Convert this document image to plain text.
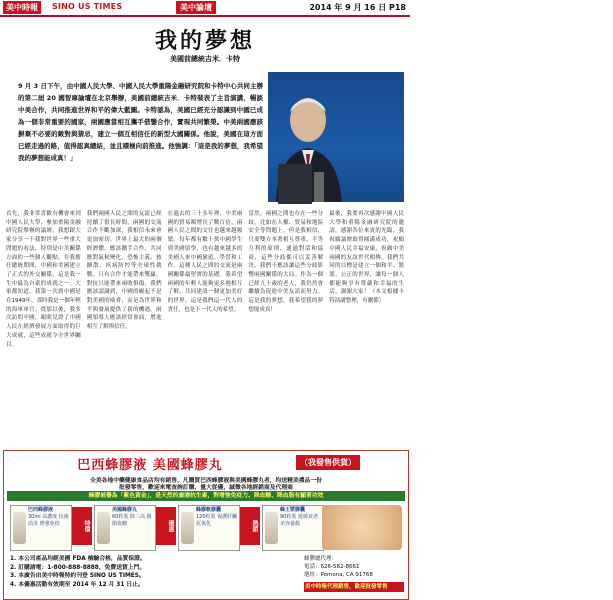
美中時報	SINO US TIMES	美中論壇	2014 年 9 月 16 日 P18
我的夢想
美國前總統吉米．卡特
9 月 3 日下午，由中國人民大學、中國人民大學重陽金融研究院和卡特中心共同主辦的第二屆 20 國智庫論壇在北京舉辦，美國前總統吉米．卡特發表了主旨演講，暢談中美合作，共同推進世界和平的偉大藍圖。卡特認為，美國已經充分認識到中國已成為一個非常重要的國家，兩國應當相互攜手借鑒合作，實現共同繁榮。中美兩國應該摒棄不必要的敵對與猜忌，建立一個互相信任的新型大國關係。他說，美國在這方面已經走過的路，值得認真總結，並且積極向前推進。他強調：「這是我的夢想，我希望我的夢想能成真！」	主办单位：
承办单位：
首席合作媒
首先，我非常喜歡有機會來到中國人民大學，參加重陽金融研究院舉辦的論壇。我想跟大家分享一下我對世界一些重大問題的看法，特別是中美關係方面的一些個人觀點。在我擔任總統期間，中國和美國建立了正式的外交關係，這是我一生中最為自豪的成就之一。大家都知道，我第一次到中國是在1949年，那時我是一個年輕的海軍軍官。從那以後，我多次訪問中國，親眼見證了中國人民在經濟發展方面取得的巨大成就，這些成就令全世界矚目。
我們兩國人民之間的友誼已經持續了很長時間，兩國的交流合作不斷加深，我相信未來會更加密切。世界上最大的兩個經濟體，應該攜手合作，共同應對氣候變化、恐怖主義、核擴散、疾病防控等全球性挑戰。只有合作才能帶來雙贏，對抗只能帶來兩敗俱傷。我們應該認識到，中國的崛起不是對美國的威脅，而是為世界和平與發展提供了新的機遇。兩國領導人應該經常會面，增進相互了解與信任。
在過去的三十多年裡，中美兩國的貿易額增長了數百倍，兩國人民之間的交往也越來越頻繁。每年都有數十萬中國學生到美國留學，也有越來越多的美國人來中國旅遊、學習和工作。這種人民之間的交流是兩國關係最堅實的基礎。我希望兩國的年輕人能夠更多地相互了解，共同建設一個更加美好的世界。這是我們這一代人的責任，也是下一代人的希望。
當然，兩國之間也存在一些分歧，比如在人權、貿易和地區安全等問題上。但是我相信，只要雙方本著相互尊重、平等互利的原則，通過對話和協商，這些分歧都可以妥善解決。我們不應該讓這些分歧影響兩國關係的大局。作為一個已經九十歲的老人，我仍然會繼續為促進中美友誼而努力。這是我的夢想，我希望我的夢想能成真！
最後，我要再次感謝中國人民大學和重陽金融研究院的邀請，感謝各位來賓的光臨。我祝願論壇取得圓滿成功，祝願中國人民幸福安康，祝願中美兩國的友誼世代相傳。我們共同的目標是建立一個和平、繁榮、公正的世界，讓每一個人都能夠享有尊嚴和幸福的生活。謝謝大家！（本文根據卡特演講整理，有刪節）
巴西蜂膠液 美國蜂膠丸	（我發售供貨）
全美各地中藥健康食品店均有銷售，凡購買巴西蜂膠液與美國蜂膠丸者，均送精美禮品一份
批發零售，歡迎來電查詢訂購，量大從優，誠徵各地經銷商及代理商
蜂膠被譽為「紫色黃金」，是天然的廣譜抗生素，對增強免疫力、降血糖、降血脂有顯著功效
巴西蜂膠液
30ml 高濃度 抗菌消炎 增強免疫	特價
美國蜂膠丸
60粒裝 降三高 調節血糖	優惠
蜂膠軟膠囊
120粒裝 保護肝臟 抗氧化	熱銷
蜂王漿膠囊
90粒裝 延緩衰老 美容養顏
1. 本公司產品均經美國 FDA 檢驗合格，品質保證。
2. 訂購請電：1-800-888-8888，免費送貨上門。
3. 本廣告由美中時報特約刊登 SINO US TIMES。
4. 本優惠活動有效期至 2014 年 12 月 31 日止。
蜂膠總代理：
電話：626-582-8661
地址：Pomona, CA 91768
美中時報代理銷售，歡迎批發零售
